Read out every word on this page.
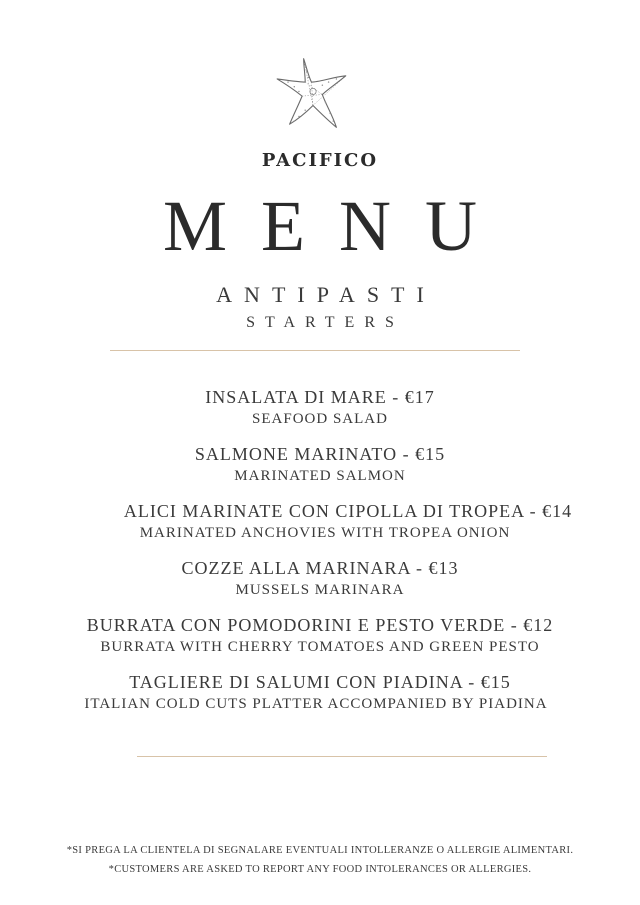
PACIFICO
MENU
ANTIPASTI
STARTERS
INSALATA DI MARE - €17
SEAFOOD SALAD
SALMONE MARINATO - €15
MARINATED SALMON
ALICI MARINATE CON CIPOLLA DI TROPEA - €14
MARINATED ANCHOVIES WITH TROPEA ONION
COZZE ALLA MARINARA - €13
MUSSELS MARINARA
BURRATA CON POMODORINI E PESTO VERDE - €12
BURRATA WITH CHERRY TOMATOES AND GREEN PESTO
TAGLIERE DI SALUMI CON PIADINA - €15
ITALIAN COLD CUTS PLATTER ACCOMPANIED BY PIADINA
*SI PREGA LA CLIENTELA DI SEGNALARE EVENTUALI INTOLLERANZE O ALLERGIE ALIMENTARI.
*CUSTOMERS ARE ASKED TO REPORT ANY FOOD INTOLERANCES OR ALLERGIES.
